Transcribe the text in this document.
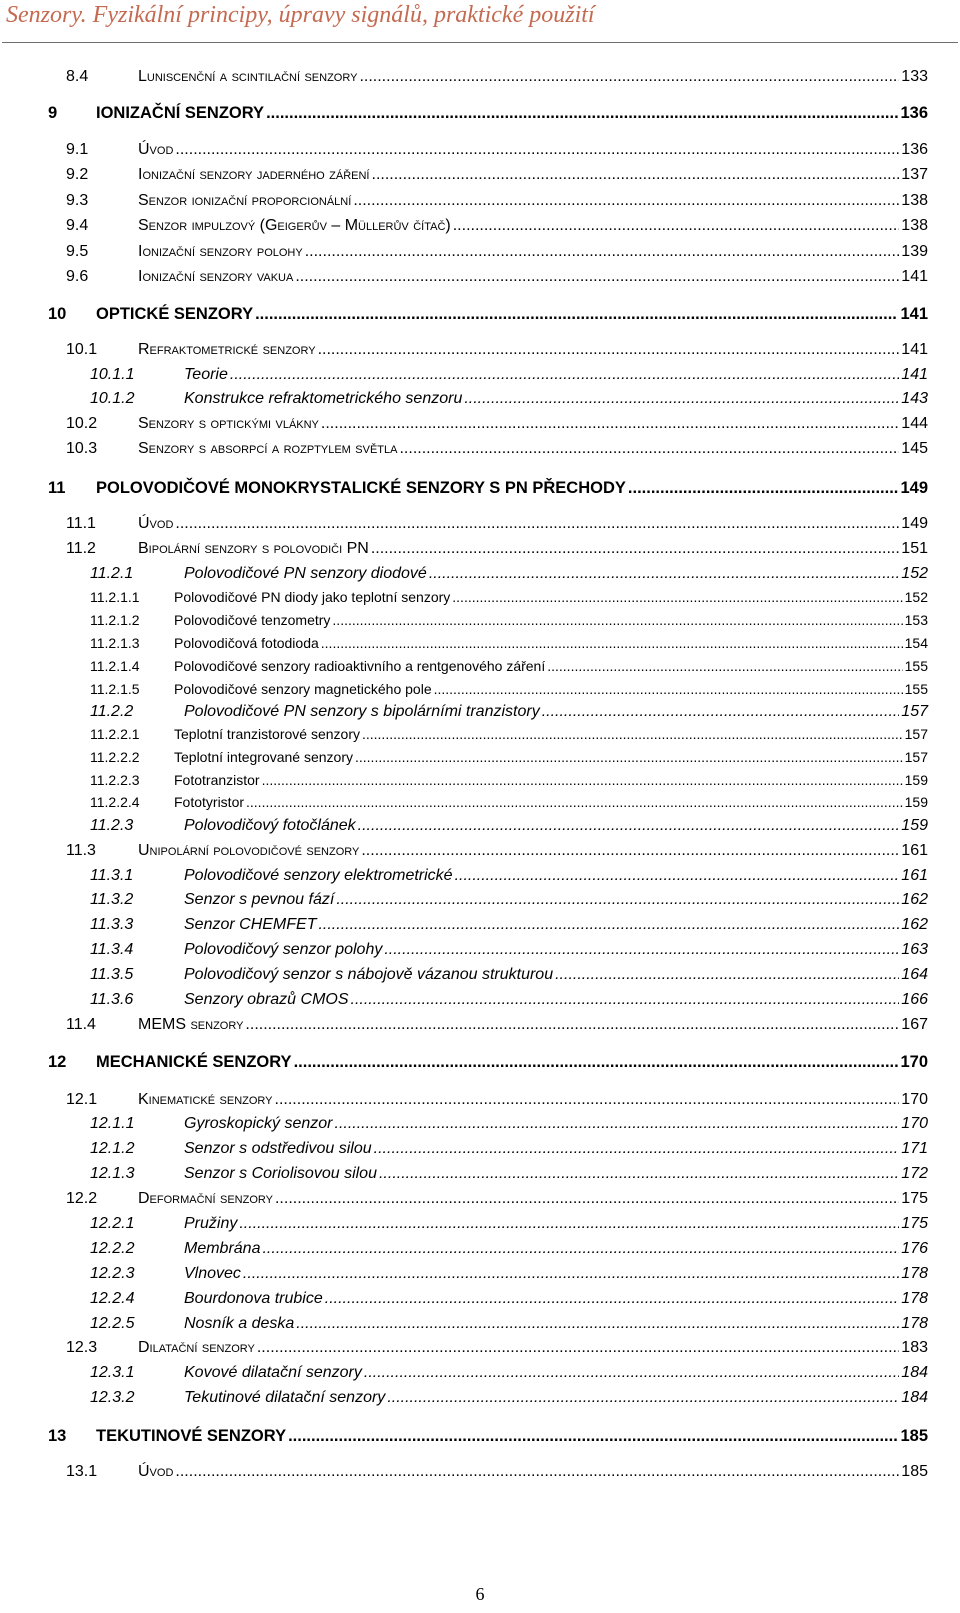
Senzory. Fyzikální principy, úpravy signálů, praktické použití
8.4	Luniscenční a scintilační senzory .....	133
9	IONIZAČNÍ SENZORY .....	136
9.1	Úvod .....	136
9.2	Ionizační senzory jaderného záření .....	137
9.3	Senzor ionizační proporcionální .....	138
9.4	Senzor impulzový (Geigerův – Müllerův čítač) .....	138
9.5	Ionizační senzory polohy .....	139
9.6	Ionizační senzory vakua .....	141
10	OPTICKÉ SENZORY .....	141
10.1	Refraktometrické senzory .....	141
10.1.1	Teorie .....	141
10.1.2	Konstrukce refraktometrického senzoru .....	143
10.2	Senzory s optickými vlákny .....	144
10.3	Senzory s absorpcí a rozptylem světla .....	145
11	POLOVODIČOVÉ MONOKRYSTALICKÉ SENZORY S PN PŘECHODY .....	149
11.1	Úvod .....	149
11.2	Bipolární senzory s polovodiči PN .....	151
11.2.1	Polovodičové PN senzory diodové .....	152
11.2.1.1	Polovodičové PN diody jako teplotní senzory .....	152
11.2.1.2	Polovodičové tenzometry .....	153
11.2.1.3	Polovodičová fotodioda .....	154
11.2.1.4	Polovodičové senzory radioaktivního a rentgenového záření .....	155
11.2.1.5	Polovodičové senzory magnetického pole .....	155
11.2.2	Polovodičové PN senzory s bipolárními tranzistory .....	157
11.2.2.1	Teplotní tranzistorové senzory .....	157
11.2.2.2	Teplotní integrované senzory .....	157
11.2.2.3	Fototranzistor .....	159
11.2.2.4	Fototyristor .....	159
11.2.3	Polovodičový fotočlánek .....	159
11.3	Unipolární polovodičové senzory .....	161
11.3.1	Polovodičové senzory elektrometrické .....	161
11.3.2	Senzor s pevnou fází .....	162
11.3.3	Senzor CHEMFET .....	162
11.3.4	Polovodičový senzor polohy .....	163
11.3.5	Polovodičový senzor s nábojově vázanou strukturou .....	164
11.3.6	Senzory obrazů CMOS .....	166
11.4	MEMS senzory .....	167
12	MECHANICKÉ SENZORY .....	170
12.1	Kinematické senzory .....	170
12.1.1	Gyroskopický senzor .....	170
12.1.2	Senzor s odstředivou silou .....	171
12.1.3	Senzor s Coriolisovou silou .....	172
12.2	Deformační senzory .....	175
12.2.1	Pružiny .....	175
12.2.2	Membrána .....	176
12.2.3	Vlnovec .....	178
12.2.4	Bourdonova trubice .....	178
12.2.5	Nosník a deska .....	178
12.3	Dilatační senzory .....	183
12.3.1	Kovové dilatační senzory .....	184
12.3.2	Tekutinové dilatační senzory .....	184
13	TEKUTINOVÉ SENZORY .....	185
13.1	Úvod .....	185
6
